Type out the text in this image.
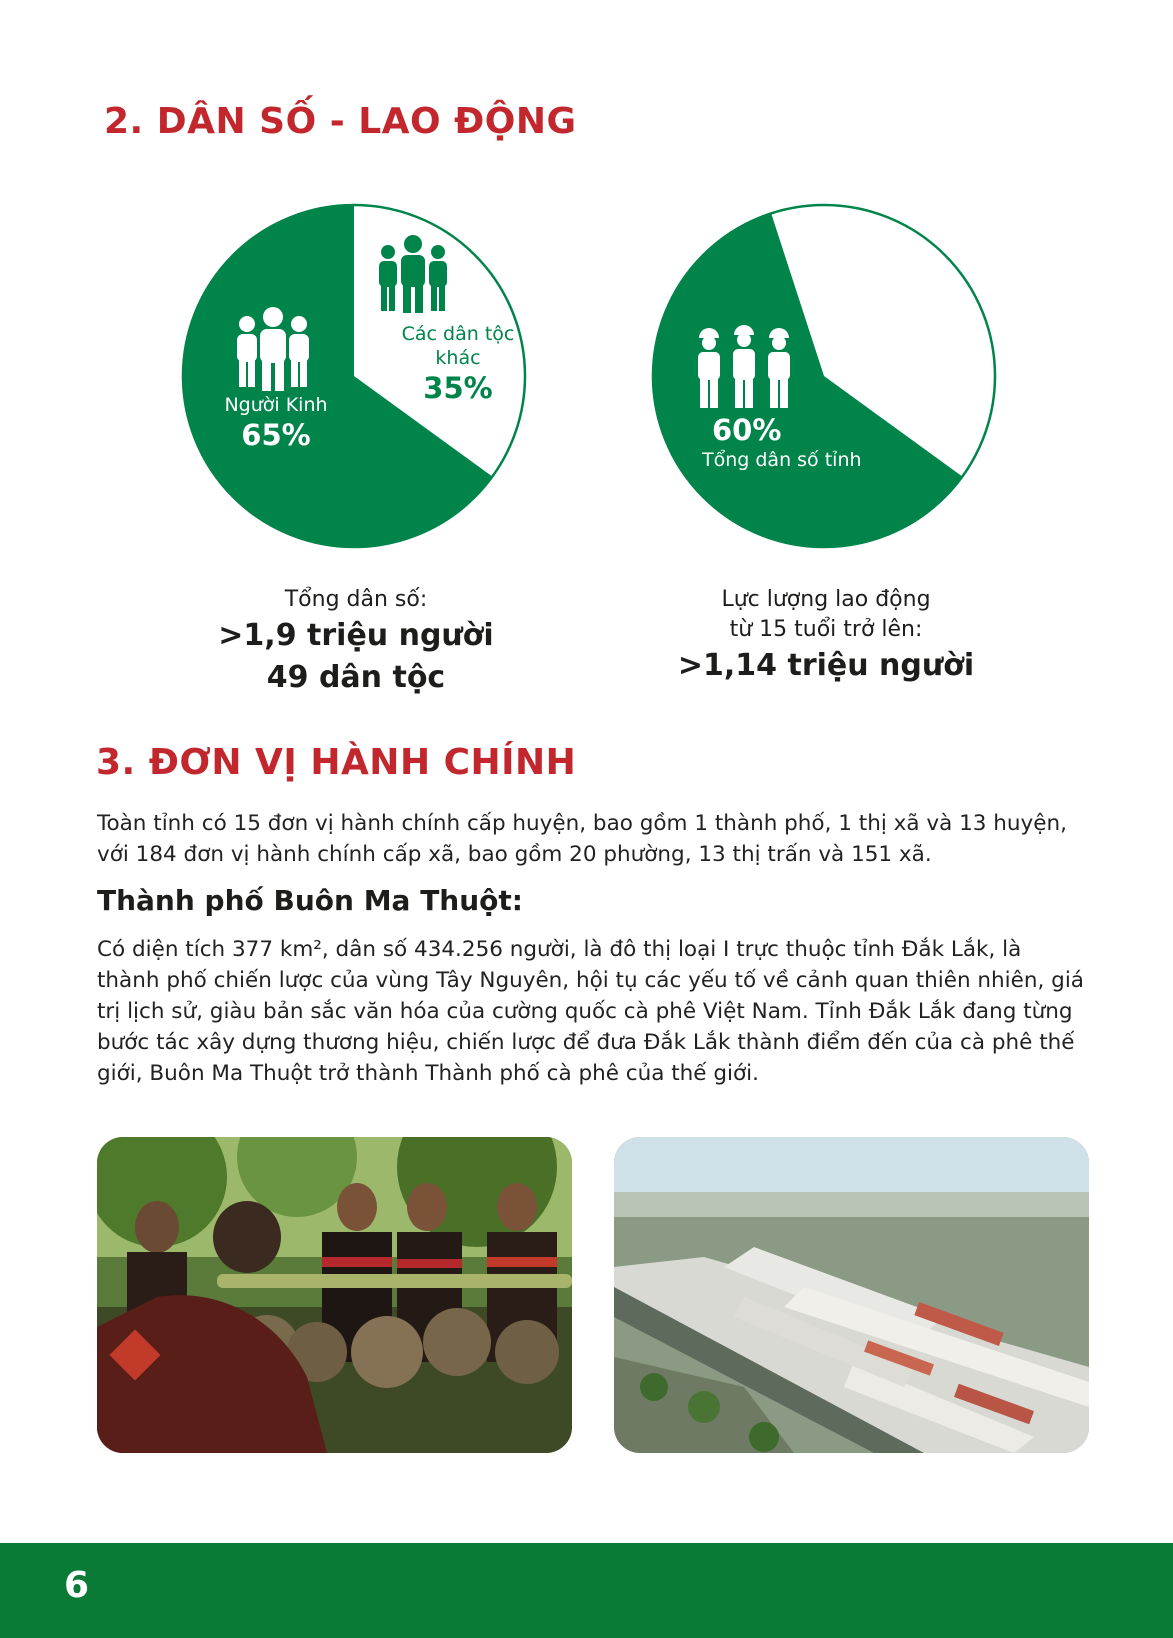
2. DÂN SỐ - LAO ĐỘNG
Người Kinh
65%
Các dân tộc khác
35%
60%
Tổng dân số tỉnh
Tổng dân số:
>1,9 triệu người
49 dân tộc
Lực lượng lao động
từ 15 tuổi trở lên:
>1,14 triệu người
3. ĐƠN VỊ HÀNH CHÍNH

Toàn tỉnh có 15 đơn vị hành chính cấp huyện, bao gồm 1 thành phố, 1 thị xã và 13 huyện, với 184 đơn vị hành chính cấp xã, bao gồm 20 phường, 13 thị trấn và 151 xã.

Thành phố Buôn Ma Thuột:

Có diện tích 377 km², dân số 434.256 người, là đô thị loại I trực thuộc tỉnh Đắk Lắk, là thành phố chiến lược của vùng Tây Nguyên, hội tụ các yếu tố về cảnh quan thiên nhiên, giá trị lịch sử, giàu bản sắc văn hóa của cường quốc cà phê Việt Nam. Tỉnh Đắk Lắk đang từng bước tác xây dựng thương hiệu, chiến lược để đưa Đắk Lắk thành điểm đến của cà phê thế giới, Buôn Ma Thuột trở thành Thành phố cà phê của thế giới.

6
